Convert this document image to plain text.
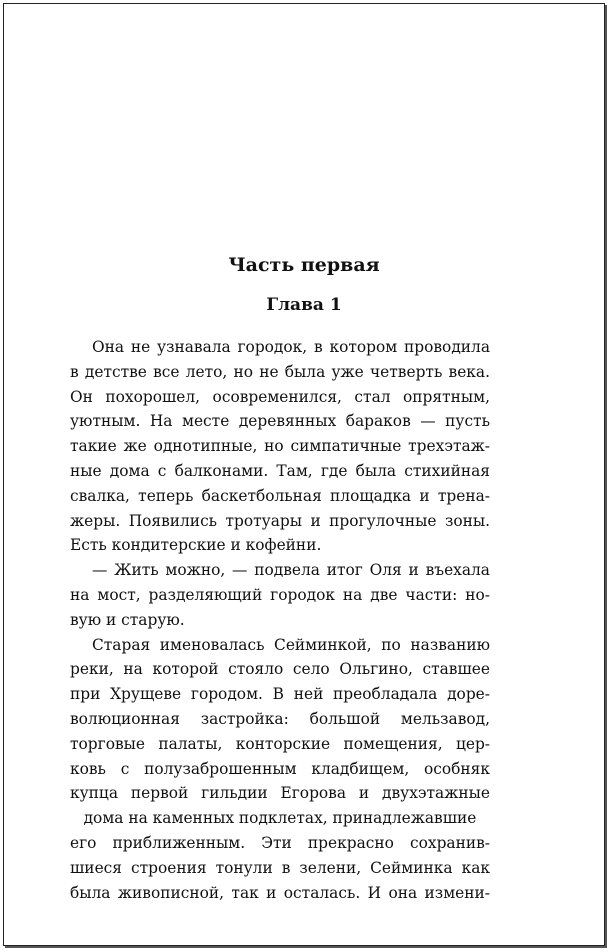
Часть первая
Глава 1
Она не узнавала городок, в котором проводила
в детстве все лето, но не была уже четверть века.
Он похорошел, осовременился, стал опрятным,
уютным. На месте деревянных бараков — пусть
такие же однотипные, но симпатичные трехэтаж-
ные дома с балконами. Там, где была стихийная
свалка, теперь баскетбольная площадка и трена-
жеры. Появились тротуары и прогулочные зоны.
Есть кондитерские и кофейни.
— Жить можно, — подвела итог Оля и въехала
на мост, разделяющий городок на две части: но-
вую и старую.
Старая именовалась Сейминкой, по названию
реки, на которой стояло село Ольгино, ставшее
при Хрущеве городом. В ней преобладала доре-
волюционная застройка: большой мельзавод,
торговые палаты, конторские помещения, цер-
ковь с полузаброшенным кладбищем, особняк
купца первой гильдии Егорова и двухэтажные
дома на каменных подклетах, принадлежавшие
его приближенным. Эти прекрасно сохранив-
шиеся строения тонули в зелени, Сейминка как
была живописной, так и осталась. И она измени-
